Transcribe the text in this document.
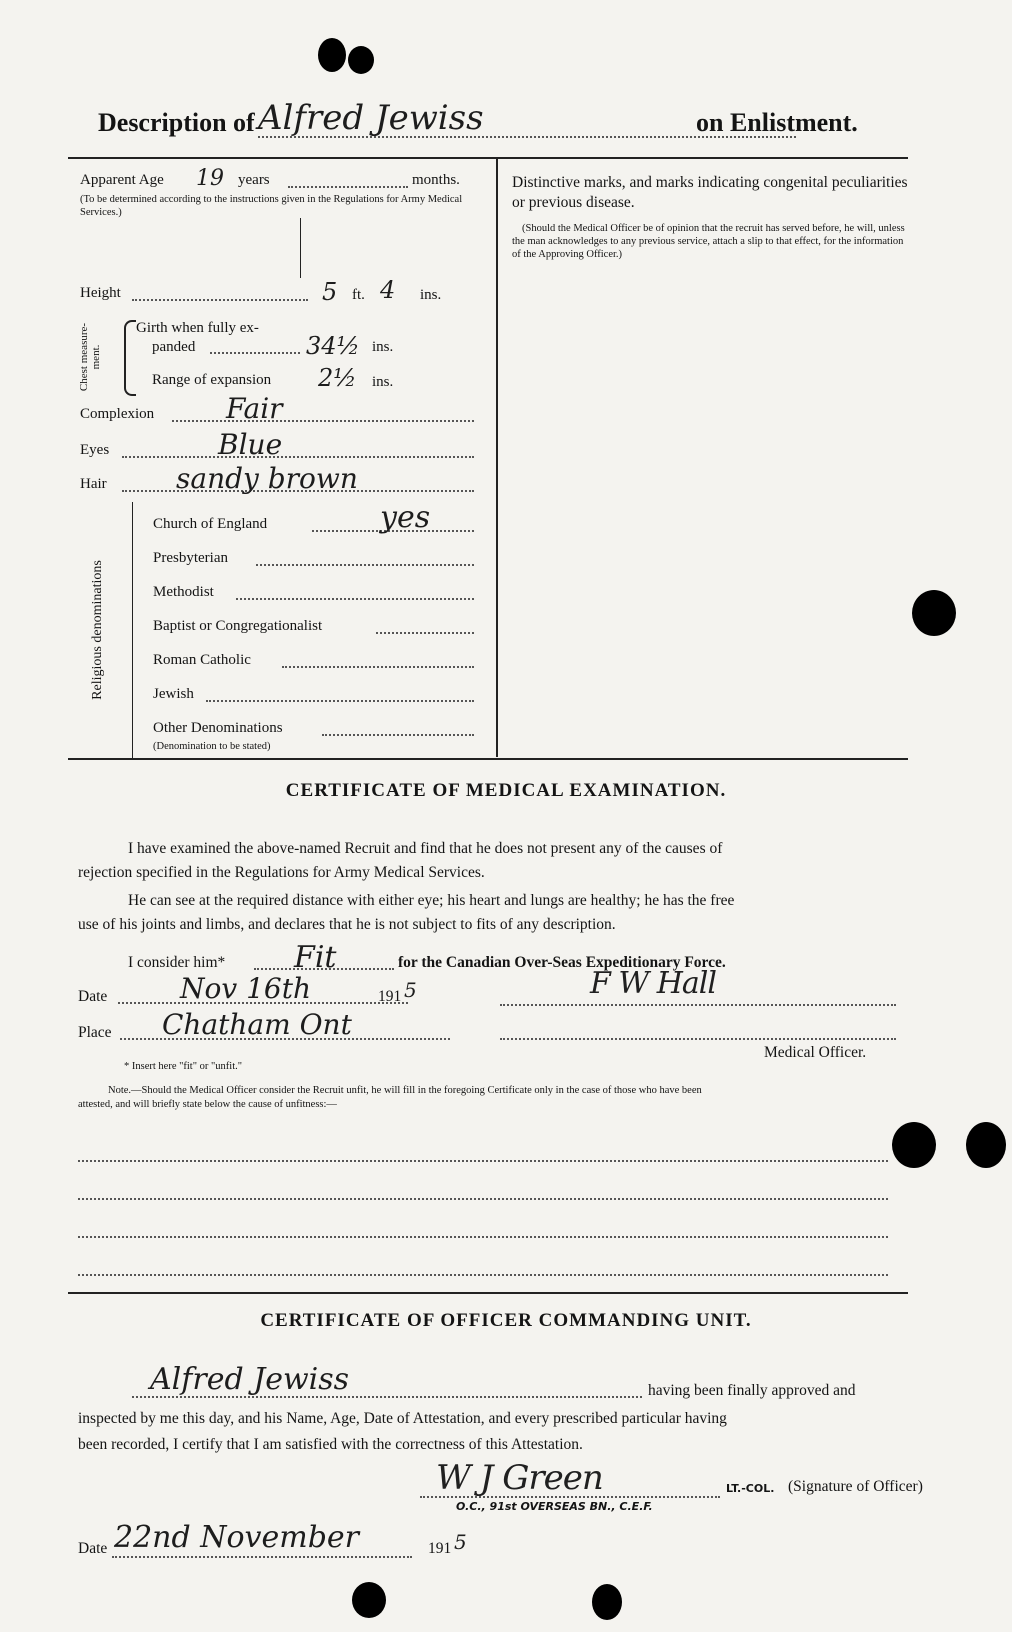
Description of Alfred Jewiss	on Enlistment.
Apparent Age 19 years	months.
(To be determined according to the instructions given in the Regulations for Army Medical Services.)
Height	5 ft. 4 ins.
Chest measure-ment.
Girth when fully ex-
panded	34½ ins.
Range of expansion 2½ ins.
Complexion	Fair
Eyes	Blue
Hair sandy brown
Religious denominations
Church of England	yes
Presbyterian
Methodist
Baptist or Congregationalist
Roman Catholic
Jewish
Other Denominations
(Denomination to be stated)
Distinctive marks, and marks indicating congenital peculiarities or previous disease.
(Should the Medical Officer be of opinion that the recruit has served before, he will, unless the man acknowledges to any previous service, attach a slip to that effect, for the information of the Approving Officer.)
CERTIFICATE OF MEDICAL EXAMINATION.
I have examined the above-named Recruit and find that he does not present any of the causes of
rejection specified in the Regulations for Army Medical Services.
He can see at the required distance with either eye; his heart and lungs are healthy; he has the free
use of his joints and limbs, and declares that he is not subject to fits of any description.
I consider him* Fit	for the Canadian Over-Seas Expeditionary Force.
Date	Nov 16th	191 5	F W Hall
Place Chatham Ont
Medical Officer.
* Insert here "fit" or "unfit."
Note.—Should the Medical Officer consider the Recruit unfit, he will fill in the foregoing Certificate only in the case of those who have been
attested, and will briefly state below the cause of unfitness:—
CERTIFICATE OF OFFICER COMMANDING UNIT.
Alfred Jewiss	having been finally approved and
inspected by me this day, and his Name, Age, Date of Attestation, and every prescribed particular having
been recorded, I certify that I am satisfied with the correctness of this Attestation.
W J Green	LT.-COL. (Signature of Officer)
O.C., 91st OVERSEAS BN., C.E.F.
Date 22nd November	191 5
